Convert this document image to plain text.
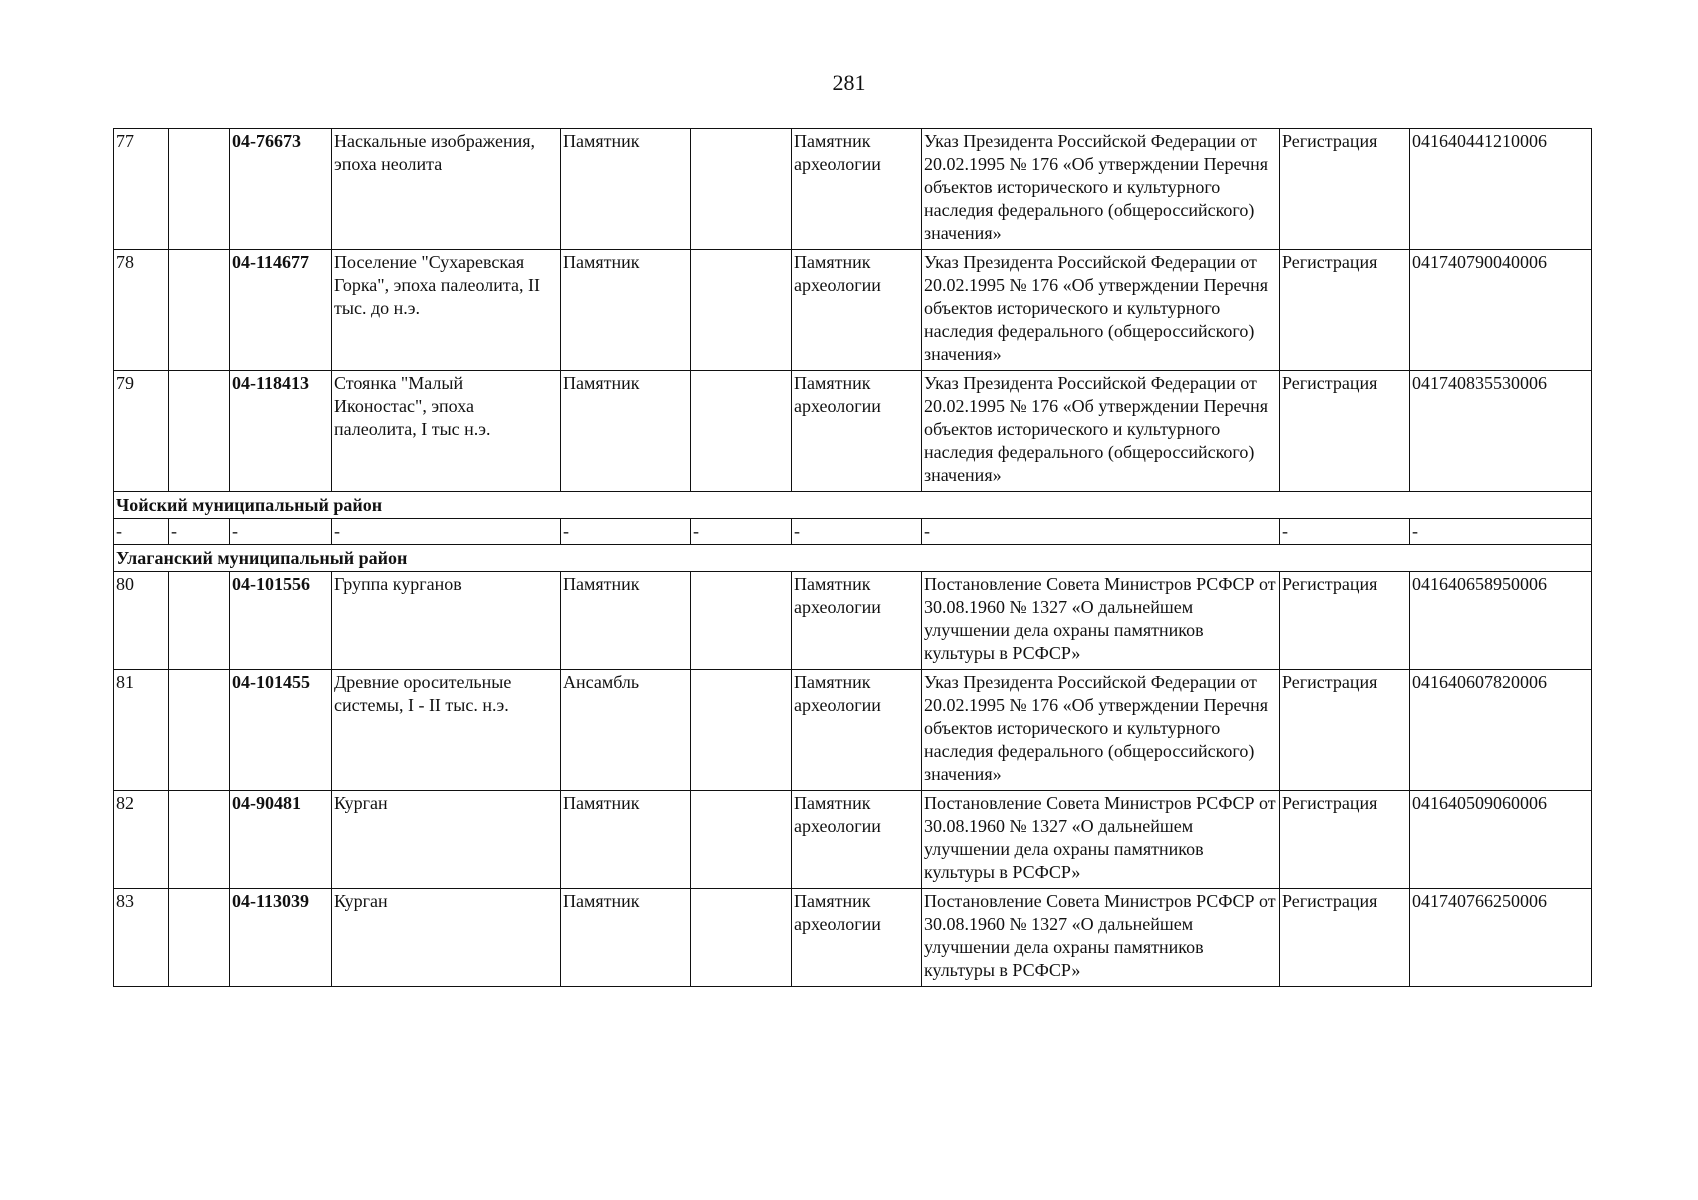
281
77		04-76673	Наскальные изображения, эпоха неолита	Памятник		Памятник археологии	Указ Президента Российской Федерации от 20.02.1995 № 176 «Об утверждении Перечня объектов исторического и культурного наследия федерального (общероссийского) значения»	Регистрация	041640441210006
78		04-114677	Поселение "Сухаревская Горка", эпоха палеолита, II тыс. до н.э.	Памятник		Памятник археологии	Указ Президента Российской Федерации от 20.02.1995 № 176 «Об утверждении Перечня объектов исторического и культурного наследия федерального (общероссийского) значения»	Регистрация	041740790040006
79		04-118413	Стоянка "Малый Иконостас", эпоха палеолита, I тыс н.э.	Памятник		Памятник археологии	Указ Президента Российской Федерации от 20.02.1995 № 176 «Об утверждении Перечня объектов исторического и культурного наследия федерального (общероссийского) значения»	Регистрация	041740835530006
Чойский муниципальный район									
-	-	-	-	-	-	-	-	-	-
Улаганский муниципальный район									
80		04-101556	Группа курганов	Памятник		Памятник археологии	Постановление Совета Министров РСФСР от 30.08.1960 № 1327 «О дальнейшем улучшении дела охраны памятников культуры в РСФСР»	Регистрация	041640658950006
81		04-101455	Древние оросительные системы, I - II тыс. н.э.	Ансамбль		Памятник археологии	Указ Президента Российской Федерации от 20.02.1995 № 176 «Об утверждении Перечня объектов исторического и культурного наследия федерального (общероссийского) значения»	Регистрация	041640607820006
82		04-90481	Курган	Памятник		Памятник археологии	Постановление Совета Министров РСФСР от 30.08.1960 № 1327 «О дальнейшем улучшении дела охраны памятников культуры в РСФСР»	Регистрация	041640509060006
83		04-113039	Курган	Памятник		Памятник археологии	Постановление Совета Министров РСФСР от 30.08.1960 № 1327 «О дальнейшем улучшении дела охраны памятников культуры в РСФСР»	Регистрация	041740766250006
